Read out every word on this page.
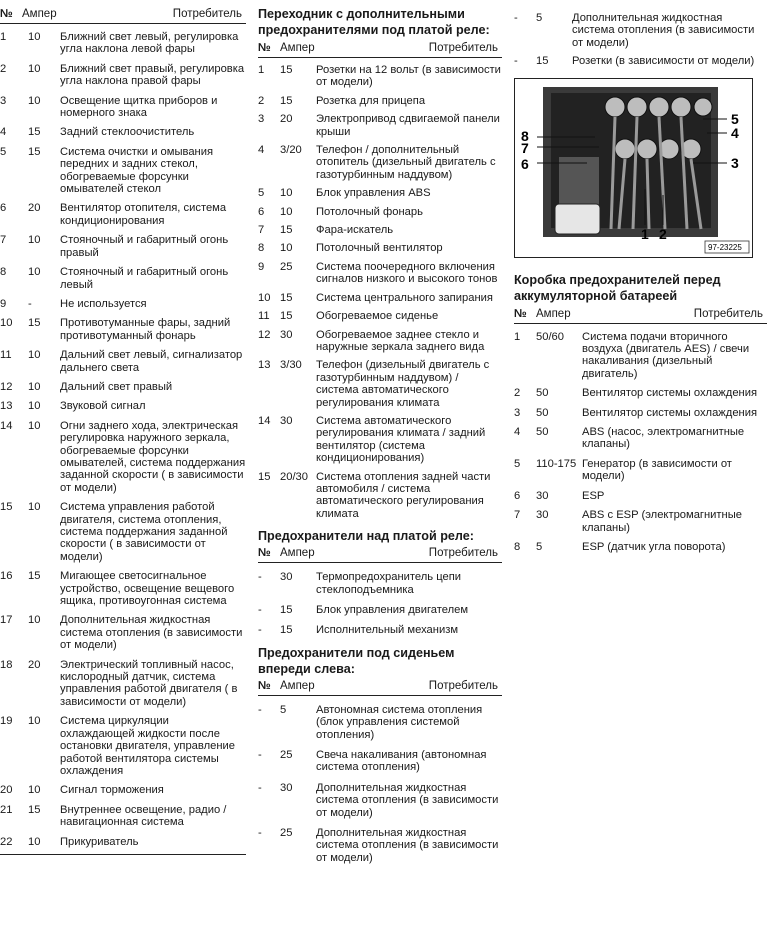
№ Ампер	Потребитель
1	10	Ближний свет левый, регулировка угла наклона левой фары
2	10	Ближний свет правый, регулировка угла наклона правой фары
3	10	Освещение щитка приборов и номерного знака
4	15	Задний стеклоочиститель
5	15	Система очистки и омывания передних и задних стекол, обогреваемые форсунки омывателей стекол
6	20	Вентилятор отопителя, система кондиционирования
7	10	Стояночный и габаритный огонь правый
8	10	Стояночный и габаритный огонь левый
9	-	Не используется
10	15	Противотуманные фары, задний противотуманный фонарь
11	10	Дальний свет левый, сигнализатор дальнего света
12	10	Дальний свет правый
13	10	Звуковой сигнал
14	10	Огни заднего хода, электрическая регулировка наружного зеркала, обогреваемые форсунки омывателей, система поддержания заданной скорости ( в зависимости от модели)
15	10	Система управления работой двигателя, система отопления, система поддержания заданной скорости ( в зависимости от модели)
16	15	Мигающее светосигнальное устройство, освещение вещевого ящика, противоугонная система
17	10	Дополнительная жидкостная система отопления (в зависимости от модели)
18	20	Электрический топливный насос, кислородный датчик, система управления работой двигателя ( в зависимости от модели)
19	10	Система циркуляции охлаждающей жидкости после остановки двигателя, управление работой вентилятора системы охлаждения
20	10	Сигнал торможения
21	15	Внутреннее освещение, радио / навигационная система
22	10	Прикуриватель
Переходник с дополнительными предохранителями под платой реле:
№ Ампер	Потребитель
1	15	Розетки на 12 вольт (в зависимости от модели)
2	15	Розетка для прицепа
3	20	Электропривод сдвигаемой панели крыши
4	3/20	Телефон / дополнительный отопитель (дизельный двигатель с газотурбинным наддувом)
5	10	Блок управления ABS
6	10	Потолочный фонарь
7	15	Фара-искатель
8	10	Потолочный вентилятор
9	25	Система поочередного включения сигналов низкого и высокого тонов
10 15	Система центрального запирания
11 15	Обогреваемое сиденье
12 30	Обогреваемое заднее стекло и наружные зеркала заднего вида
13 3/30	Телефон (дизельный двигатель с газотурбинным наддувом) / система автоматического регулирования климата
14 30	Система автоматического регулирования климата / задний вентилятор (система кондиционирования)
15 20/30 Система отопления задней части автомобиля / система автоматического регулирования климата
Предохранители над платой реле:
№ Ампер	Потребитель
-	30	Термопредохранитель цепи стеклоподъемника
-	15	Блок управления двигателем
-	15	Исполнительный механизм
Предохранители под сиденьем впереди слева:
№ Ампер	Потребитель
-	5	Автономная система отопления (блок управления системой отопления)
-	25	Свеча накаливания (автономная система отопления)
-	30	Дополнительная жидкостная система отопления (в зависимости от модели)
-	25	Дополнительная жидкостная система отопления (в зависимости от модели)
-	5	Дополнительная жидкостная система отопления (в зависимости от модели)
-	15	Розетки (в зависимости от модели)
8
7
6
5
4
3
1 2
97-23225
Коробка предохранителей перед аккумуляторной батареей
№ Ампер	Потребитель
1	50/60	Система подачи вторичного воздуха (двигатель AES) / свечи накаливания (дизельный двигатель)
2	50	Вентилятор системы охлаждения
3	50	Вентилятор системы охлаждения
4	50	ABS (насос, электромагнитные клапаны)
5	110-175 Генератор (в зависимости от модели)
6	30	ESP
7	30	ABS с ESP (электромагнитные клапаны)
8	5	ESP (датчик угла поворота)
